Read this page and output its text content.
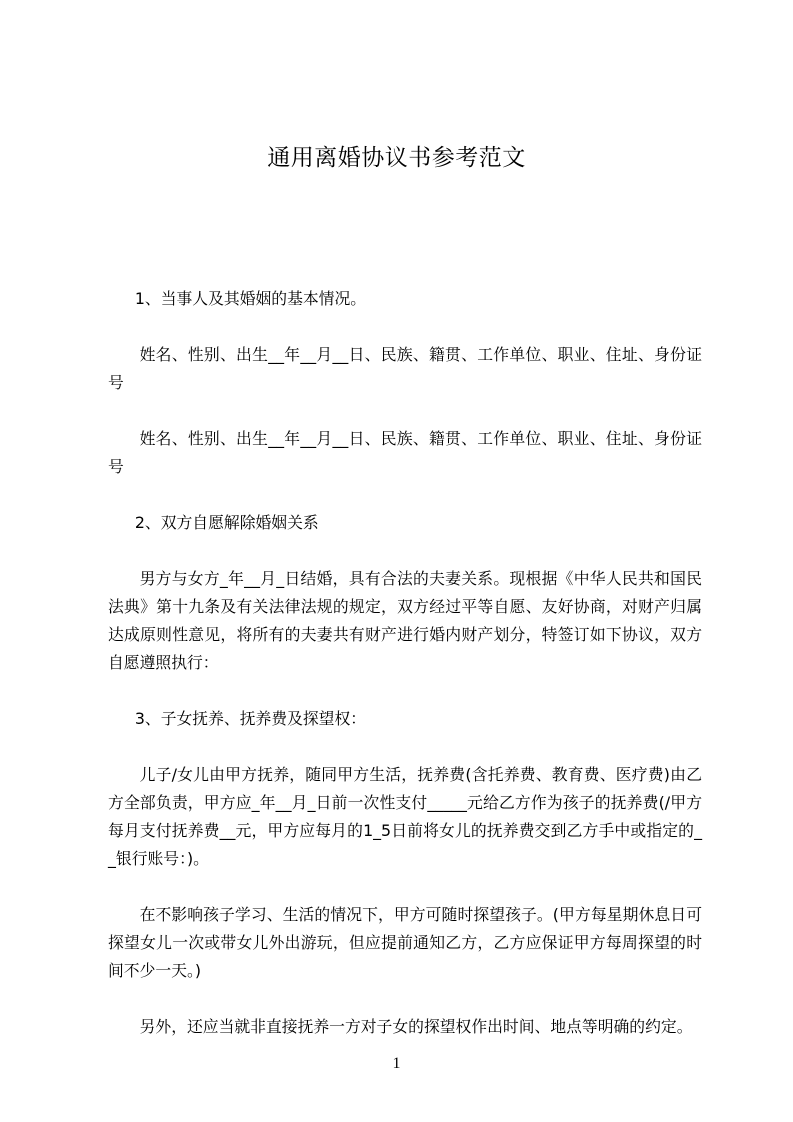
通用离婚协议书参考范文
1、当事人及其婚姻的基本情况。

姓名、性别、出生__年__月__日、民族、籍贯、工作单位、职业、住址、身份证号

姓名、性别、出生__年__月__日、民族、籍贯、工作单位、职业、住址、身份证号

2、双方自愿解除婚姻关系

男方与女方_年__月_日结婚，具有合法的夫妻关系。现根据《中华人民共和国民法典》第十九条及有关法律法规的规定，双方经过平等自愿、友好协商，对财产归属达成原则性意见，将所有的夫妻共有财产进行婚内财产划分，特签订如下协议，双方自愿遵照执行：

3、子女抚养、抚养费及探望权：

儿子/女儿由甲方抚养，随同甲方生活，抚养费(含托养费、教育费、医疗费)由乙方全部负责，甲方应_年__月_日前一次性支付_____元给乙方作为孩子的抚养费(/甲方每月支付抚养费__元，甲方应每月的1_5日前将女儿的抚养费交到乙方手中或指定的__银行账号：)。

在不影响孩子学习、生活的情况下，甲方可随时探望孩子。(甲方每星期休息日可探望女儿一次或带女儿外出游玩，但应提前通知乙方，乙方应保证甲方每周探望的时间不少一天。)

另外，还应当就非直接抚养一方对子女的探望权作出时间、地点等明确的约定。

1
